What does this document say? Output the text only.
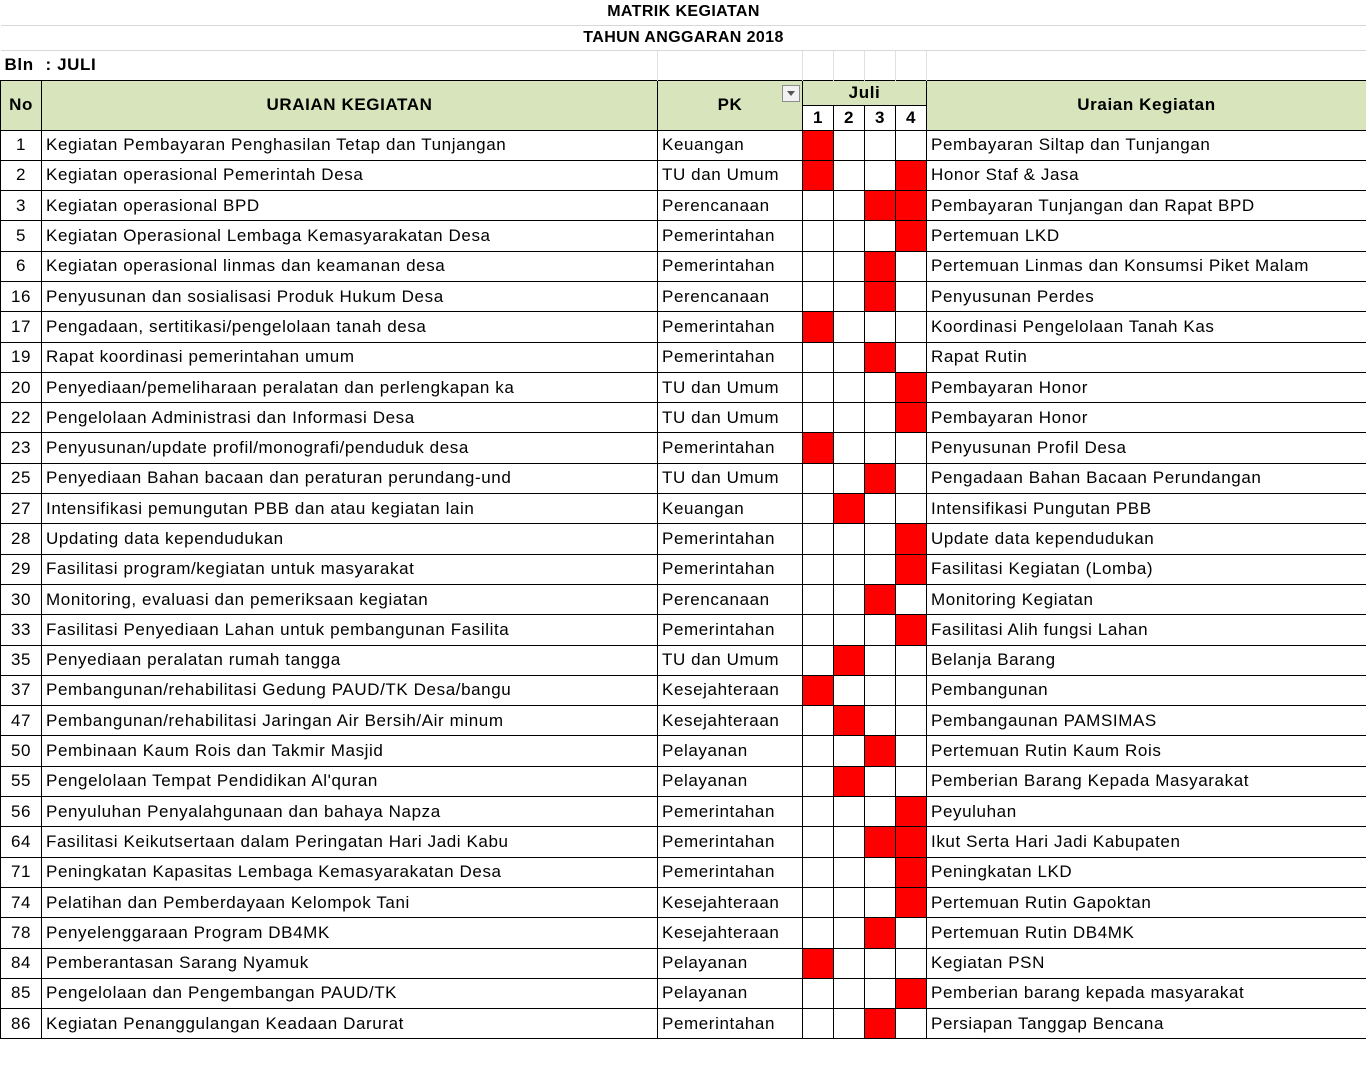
MATRIK KEGIATAN							
TAHUN ANGGARAN 2018							
Bln	: JULI						
No	URAIAN KEGIATAN	PK	Juli				Uraian Kegiatan
			1	2	3	4	
1	Kegiatan Pembayaran Penghasilan Tetap dan Tunjangan	Keuangan					Pembayaran Siltap dan Tunjangan
2	Kegiatan operasional Pemerintah Desa	TU dan Umum					Honor Staf & Jasa
3	Kegiatan operasional BPD	Perencanaan					Pembayaran Tunjangan dan Rapat BPD
5	Kegiatan Operasional Lembaga Kemasyarakatan Desa	Pemerintahan					Pertemuan LKD
6	Kegiatan operasional linmas dan keamanan desa	Pemerintahan					Pertemuan Linmas dan Konsumsi Piket Malam
16	Penyusunan dan sosialisasi Produk Hukum Desa	Perencanaan					Penyusunan Perdes
17	Pengadaan, sertitikasi/pengelolaan tanah desa	Pemerintahan					Koordinasi Pengelolaan Tanah Kas
19	Rapat koordinasi pemerintahan umum	Pemerintahan					Rapat Rutin
20	Penyediaan/pemeliharaan peralatan dan perlengkapan ka	TU dan Umum					Pembayaran Honor
22	Pengelolaan Administrasi dan Informasi Desa	TU dan Umum					Pembayaran Honor
23	Penyusunan/update profil/monografi/penduduk desa	Pemerintahan					Penyusunan Profil Desa
25	Penyediaan Bahan bacaan dan peraturan perundang-und	TU dan Umum					Pengadaan Bahan Bacaan Perundangan
27	Intensifikasi pemungutan PBB dan atau kegiatan lain	Keuangan					Intensifikasi Pungutan PBB
28	Updating data kependudukan	Pemerintahan					Update data kependudukan
29	Fasilitasi program/kegiatan untuk masyarakat	Pemerintahan					Fasilitasi Kegiatan (Lomba)
30	Monitoring, evaluasi dan pemeriksaan kegiatan	Perencanaan					Monitoring Kegiatan
33	Fasilitasi Penyediaan Lahan untuk pembangunan Fasilita	Pemerintahan					Fasilitasi Alih fungsi Lahan
35	Penyediaan peralatan rumah tangga	TU dan Umum					Belanja Barang
37	Pembangunan/rehabilitasi Gedung PAUD/TK Desa/bangu	Kesejahteraan					Pembangunan
47	Pembangunan/rehabilitasi Jaringan Air Bersih/Air minum	Kesejahteraan					Pembangaunan PAMSIMAS
50	Pembinaan Kaum Rois dan Takmir Masjid	Pelayanan					Pertemuan Rutin Kaum Rois
55	Pengelolaan Tempat Pendidikan Al'quran	Pelayanan					Pemberian Barang Kepada Masyarakat
56	Penyuluhan Penyalahgunaan dan bahaya Napza	Pemerintahan					Peyuluhan
64	Fasilitasi Keikutsertaan dalam Peringatan Hari Jadi Kabu	Pemerintahan					Ikut Serta Hari Jadi Kabupaten
71	Peningkatan Kapasitas Lembaga Kemasyarakatan Desa	Pemerintahan					Peningkatan LKD
74	Pelatihan dan Pemberdayaan Kelompok Tani	Kesejahteraan					Pertemuan Rutin Gapoktan
78	Penyelenggaraan Program DB4MK	Kesejahteraan					Pertemuan Rutin DB4MK
84	Pemberantasan Sarang Nyamuk	Pelayanan					Kegiatan PSN
85	Pengelolaan dan Pengembangan PAUD/TK	Pelayanan					Pemberian barang kepada masyarakat
86	Kegiatan Penanggulangan Keadaan Darurat	Pemerintahan					Persiapan Tanggap Bencana
